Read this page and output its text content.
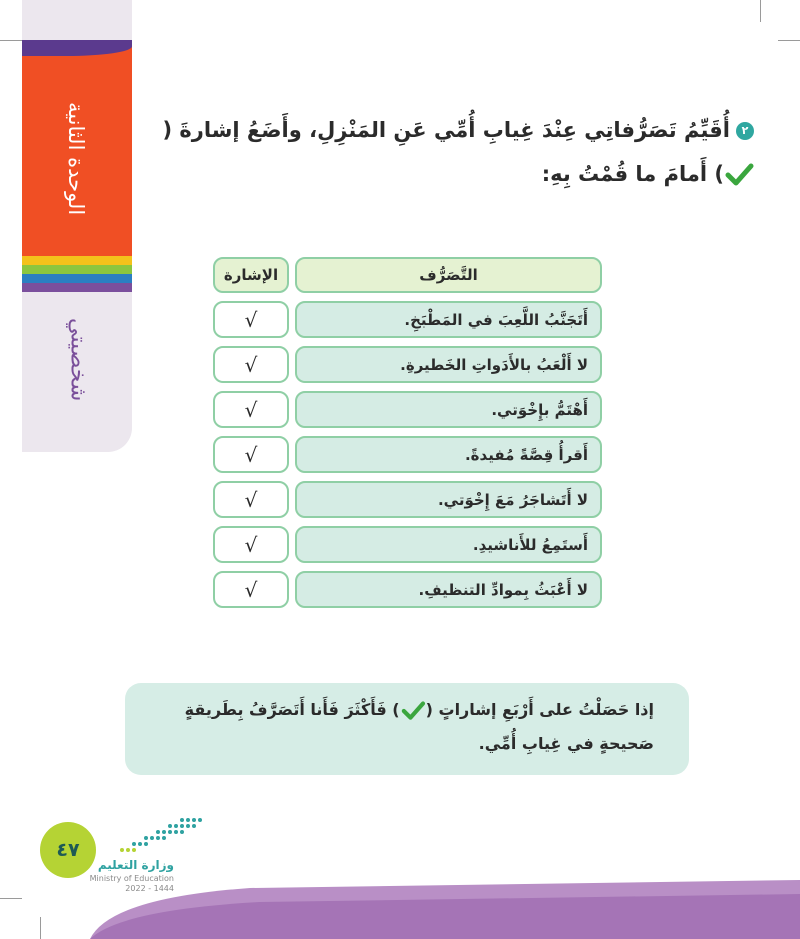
الوحدة الثانية
شخصيتي
٢أُقَيِّمُ تَصَرُّفاتِي عِنْدَ غِيابِ أُمِّي عَنِ المَنْزِلِ، وأَضَعُ إشارةَ () أَمامَ ما قُمْتُ بِهِ:
التَّصَرُّف
الإشارة
أَتَجَنَّبُ اللَّعِبَ في المَطْبَخِ.
√
لا أَلْعَبُ بالأَدَواتِ الخَطيرةِ.
√
أَهْتَمُّ بإِخْوَتي.
√
أَقرأُ قِصَّةً مُفيدةً.
√
لا أَتَشاجَرُ مَعَ إِخْوَتي.
√
أَستَمِعُ للأَناشيدِ.
√
لا أَعْبَثُ بِموادِّ التنظيفِ.
√
إذا حَصَلْتُ على أَرْبَعِ إشاراتٍ () فَأَكْثَرَ فَأَنا أَتَصَرَّفُ بِطَريقةٍ
صَحيحةٍ في غِيابِ أُمِّي.
٤٧
وزارة التعليم
Ministry of Education
2022 - 1444
